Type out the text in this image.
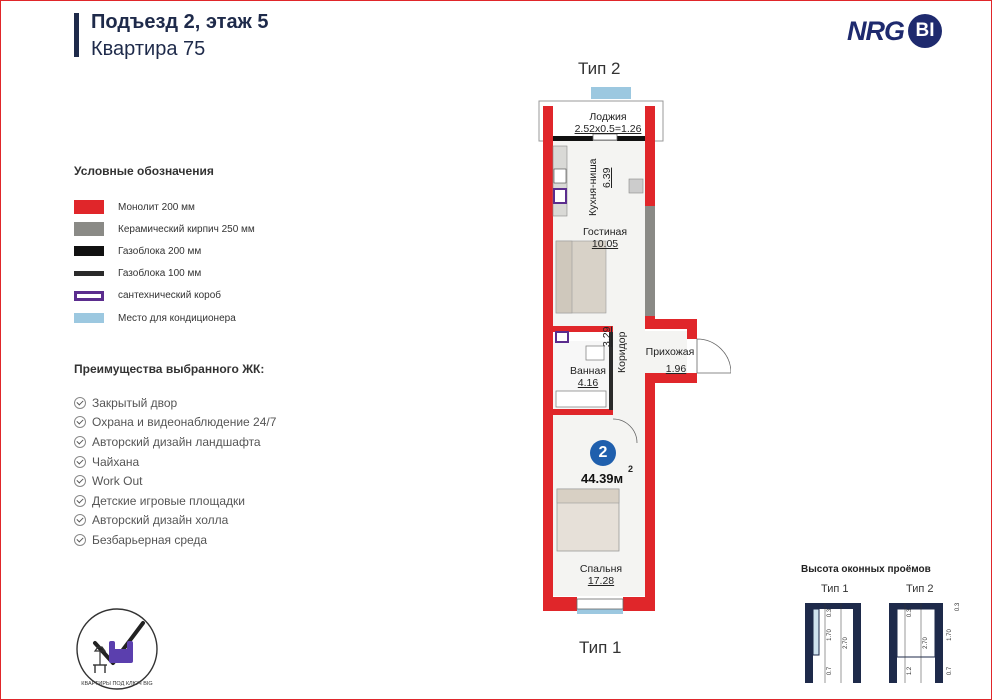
Подъезд 2, этаж 5
Квартира 75
NRG BI
Условные обозначения
Монолит 200 мм
Керамический кирпич 250 мм
Газоблока 200 мм
Газоблока 100 мм
сантехнический короб
Место для кондиционера
Преимущества выбранного ЖК:
Закрытый двор
Охрана и видеонаблюдение 24/7
Авторский дизайн ландшафта
Чайхана
Work Out
Детские игровые площадки
Авторский дизайн холла
Безбарьерная среда
КВАРТИРЫ ПОД КЛЮЧ BIG
Тип 2
Тип 1
Лоджия
2.52x0.5=1.26
Кухня-ниша 6.39
Гостиная
10.05
Коридор
3.29
Прихожая
1.96
Ванная
4.16
Спальня
17.28
2
44.39м
2
Высота оконных проёмов
Тип 1	Тип 2
0.3
1.70
2.70
0.7
0.3
1.70
2.70
0.7
1.2
0.3
